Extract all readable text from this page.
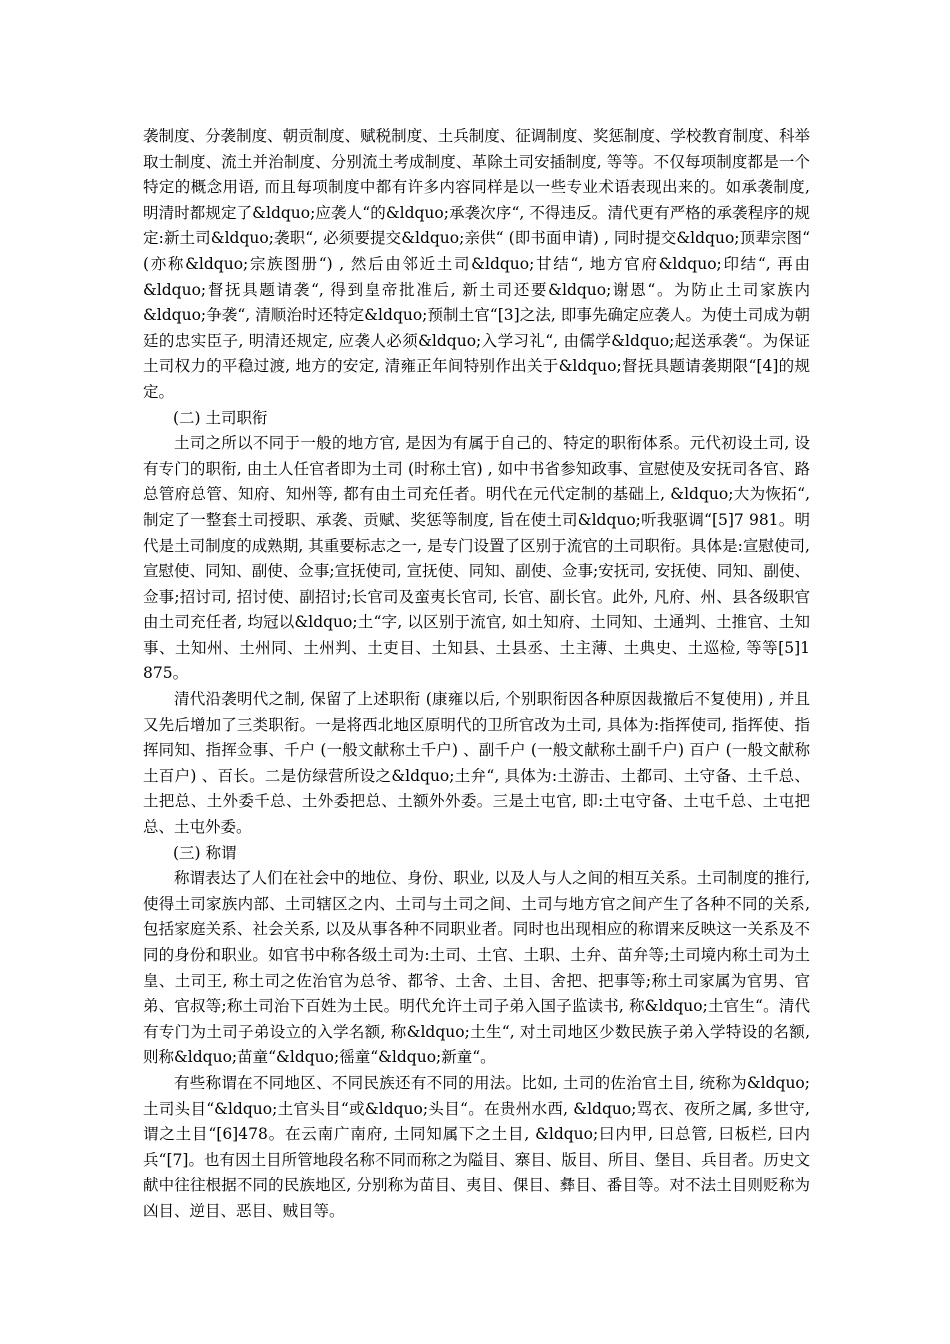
袭制度、分袭制度、朝贡制度、赋税制度、土兵制度、征调制度、奖惩制度、学校教育制度、科举取士制度、流土并治制度、分别流土考成制度、革除土司安插制度, 等等。不仅每项制度都是一个特定的概念用语, 而且每项制度中都有许多内容同样是以一些专业术语表现出来的。如承袭制度, 明清时都规定了&ldquo;应袭人“的&ldquo;承袭次序“, 不得违反。清代更有严格的承袭程序的规定:新土司&ldquo;袭职“, 必须要提交&ldquo;亲供“ (即书面申请) , 同时提交&ldquo;顶辈宗图“ (亦称&ldquo;宗族图册“) , 然后由邻近土司&ldquo;甘结“, 地方官府&ldquo;印结“, 再由&ldquo;督抚具题请袭“, 得到皇帝批准后, 新土司还要&ldquo;谢恩“。为防止土司家族内&ldquo;争袭“, 清顺治时还特定&ldquo;预制土官“[3]之法, 即事先确定应袭人。为使土司成为朝廷的忠实臣子, 明清还规定, 应袭人必须&ldquo;入学习礼“, 由儒学&ldquo;起送承袭“。为保证土司权力的平稳过渡, 地方的安定, 清雍正年间特别作出关于&ldquo;督抚具题请袭期限“[4]的规定。

(二) 土司职衔

土司之所以不同于一般的地方官, 是因为有属于自己的、特定的职衔体系。元代初设土司, 设有专门的职衔, 由土人任官者即为土司 (时称土官) , 如中书省参知政事、宣慰使及安抚司各官、路总管府总管、知府、知州等, 都有由土司充任者。明代在元代定制的基础上, &ldquo;大为恢拓“, 制定了一整套土司授职、承袭、贡赋、奖惩等制度, 旨在使土司&ldquo;听我驱调“[5]7 981。明代是土司制度的成熟期, 其重要标志之一, 是专门设置了区别于流官的土司职衔。具体是:宣慰使司, 宣慰使、同知、副使、佥事;宣抚使司, 宣抚使、同知、副使、佥事;安抚司, 安抚使、同知、副使、佥事;招讨司, 招讨使、副招讨;长官司及蛮夷长官司, 长官、副长官。此外, 凡府、州、县各级职官由土司充任者, 均冠以&ldquo;土“字, 以区别于流官, 如土知府、土同知、土通判、土推官、土知事、土知州、土州同、土州判、土吏目、土知县、土县丞、土主薄、土典史、土巡检, 等等[5]1 875。

清代沿袭明代之制, 保留了上述职衔 (康雍以后, 个别职衔因各种原因裁撤后不复使用) , 并且又先后增加了三类职衔。一是将西北地区原明代的卫所官改为土司, 具体为:指挥使司, 指挥使、指挥同知、指挥佥事、千户 (一般文献称土千户) 、副千户 (一般文献称土副千户) 百户 (一般文献称土百户) 、百长。二是仿绿营所设之&ldquo;土弁“, 具体为:土游击、土都司、土守备、土千总、土把总、土外委千总、土外委把总、土额外外委。三是土屯官, 即:土屯守备、土屯千总、土屯把总、土屯外委。

(三) 称谓

称谓表达了人们在社会中的地位、身份、职业, 以及人与人之间的相互关系。土司制度的推行, 使得土司家族内部、土司辖区之内、土司与土司之间、土司与地方官之间产生了各种不同的关系, 包括家庭关系、社会关系, 以及从事各种不同职业者。同时也出现相应的称谓来反映这一关系及不同的身份和职业。如官书中称各级土司为:土司、土官、土职、土弁、苗弁等;土司境内称土司为土皇、土司王, 称土司之佐治官为总爷、都爷、土舍、土目、舍把、把事等;称土司家属为官男、官弟、官叔等;称土司治下百姓为土民。明代允许土司子弟入国子监读书, 称&ldquo;土官生“。清代有专门为土司子弟设立的入学名额, 称&ldquo;土生“, 对土司地区少数民族子弟入学特设的名额, 则称&ldquo;苗童“&ldquo;徭童“&ldquo;新童“。

有些称谓在不同地区、不同民族还有不同的用法。比如, 土司的佐治官土目, 统称为&ldquo;土司头目“&ldquo;土官头目“或&ldquo;头目“。在贵州水西, &ldquo;骂衣、夜所之属, 多世守, 谓之土目“[6]478。在云南广南府, 土同知属下之土目, &ldquo;曰内甲, 曰总管, 曰板栏, 曰内兵“[7]。也有因土目所管地段名称不同而称之为隘目、寨目、版目、所目、堡目、兵目者。历史文献中往往根据不同的民族地区, 分别称为苗目、夷目、倮目、彝目、番目等。对不法土目则贬称为凶目、逆目、恶目、贼目等。
